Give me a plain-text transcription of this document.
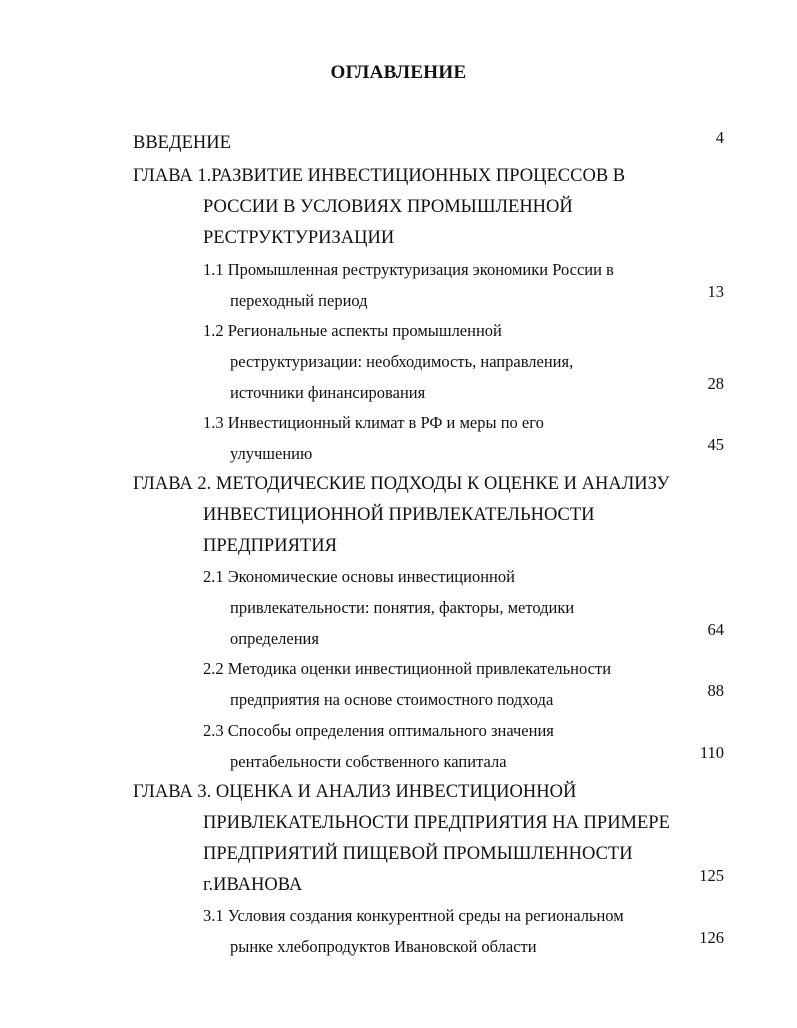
ОГЛАВЛЕНИЕ
ВВЕДЕНИЕ	4
ГЛАВА 1.РАЗВИТИЕ ИНВЕСТИЦИОННЫХ ПРОЦЕССОВ В
РОССИИ В УСЛОВИЯХ ПРОМЫШЛЕННОЙ
РЕСТРУКТУРИЗАЦИИ
1.1 Промышленная реструктуризация экономики России в
переходный период	13
1.2 Региональные аспекты промышленной
реструктуризации: необходимость, направления,
источники финансирования	28
1.3 Инвестиционный климат в РФ и меры по его
улучшению	45
ГЛАВА 2. МЕТОДИЧЕСКИЕ ПОДХОДЫ К ОЦЕНКЕ И АНАЛИЗУ
ИНВЕСТИЦИОННОЙ ПРИВЛЕКАТЕЛЬНОСТИ
ПРЕДПРИЯТИЯ
2.1 Экономические основы инвестиционной
привлекательности: понятия, факторы, методики
определения	64
2.2 Методика оценки инвестиционной привлекательности
предприятия на основе стоимостного подхода	88
2.3 Способы определения оптимального значения
рентабельности собственного капитала	110
ГЛАВА 3. ОЦЕНКА И АНАЛИЗ ИНВЕСТИЦИОННОЙ
ПРИВЛЕКАТЕЛЬНОСТИ ПРЕДПРИЯТИЯ НА ПРИМЕРЕ
ПРЕДПРИЯТИЙ ПИЩЕВОЙ ПРОМЫШЛЕННОСТИ
г.ИВАНОВА	125
3.1 Условия создания конкурентной среды на региональном
рынке хлебопродуктов Ивановской области	126
